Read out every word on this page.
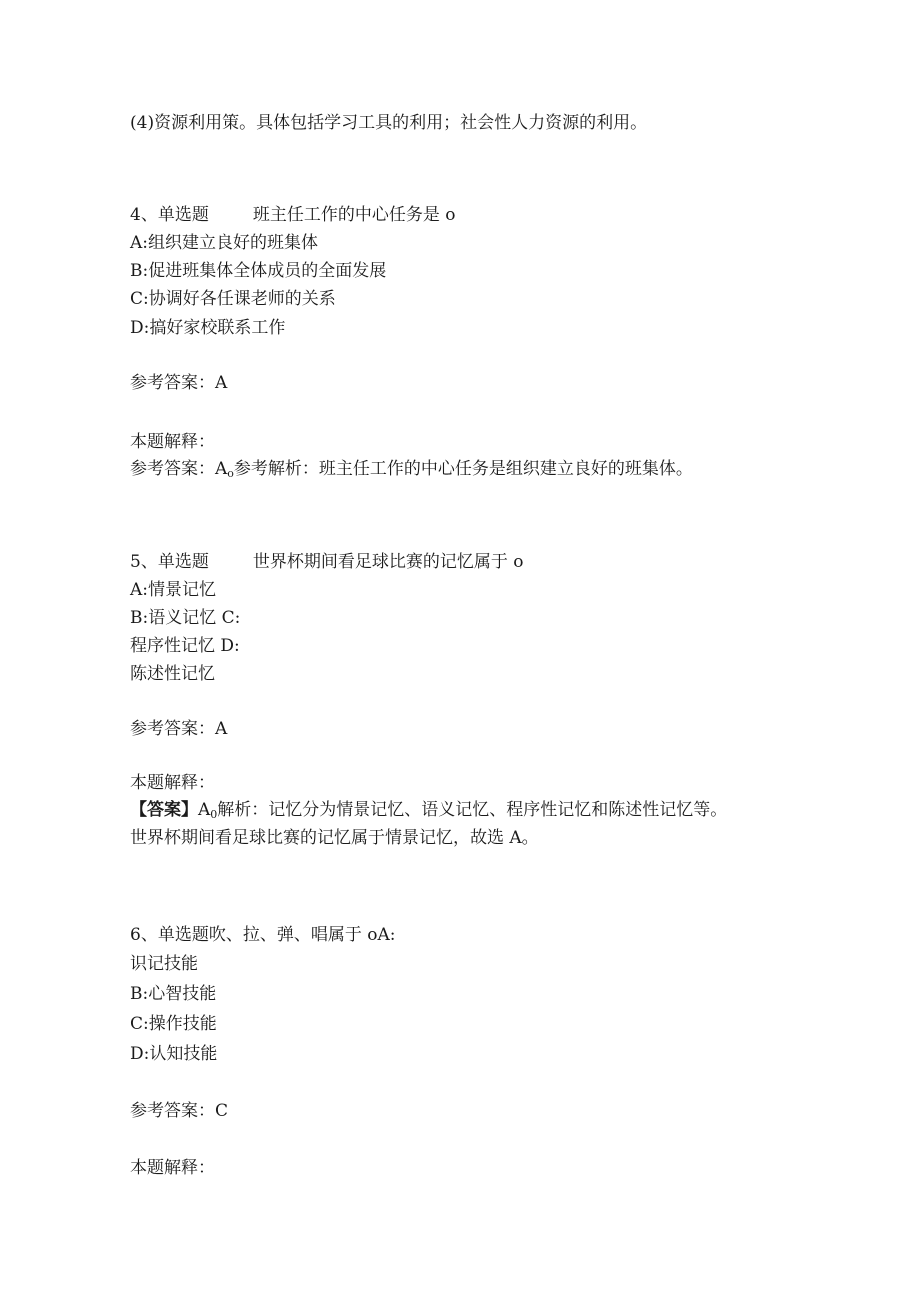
(4)资源利用策。具体包括学习工具的利用；社会性人力资源的利用。
4、单选题	班主任工作的中心任务是 o
A:组织建立良好的班集体
B:促进班集体全体成员的全面发展
C:协调好各任课老师的关系
D:搞好家校联系工作
参考答案：A
本题解释：
参考答案：$A_o$参考解析：班主任工作的中心任务是组织建立良好的班集体。
5、单选题	世界杯期间看足球比赛的记忆属于 o
A:情景记忆
B:语义记忆 C:
程序性记忆 D:
陈述性记忆
参考答案：A
本题解释：
【答案】$A_0$解析：记忆分为情景记忆、语义记忆、程序性记忆和陈述性记忆等。
世界杯期间看足球比赛的记忆属于情景记忆，故选 A。
6、单选题吹、拉、弹、唱属于 oA:
识记技能
B:心智技能
C:操作技能
D:认知技能
参考答案：C
本题解释：
